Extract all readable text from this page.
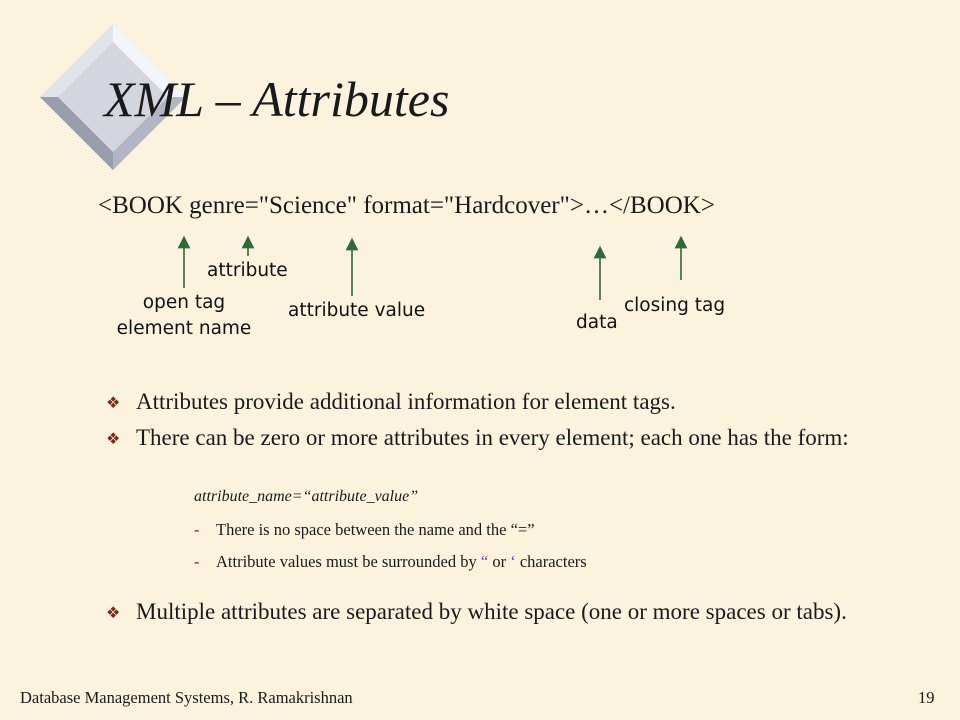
XML – Attributes
<BOOK genre="Science" format="Hardcover">…</BOOK>
attribute
open tag
element name
attribute value
data
closing tag
❖ Attributes provide additional information for element tags.
❖ There can be zero or more attributes in every element; each one has the form:
attribute_name=“attribute_value”
- There is no space between the name and the “=”
- Attribute values must be surrounded by “ or ‘ characters
❖ Multiple attributes are separated by white space (one or more spaces or tabs).
Database Management Systems, R. Ramakrishnan	19
